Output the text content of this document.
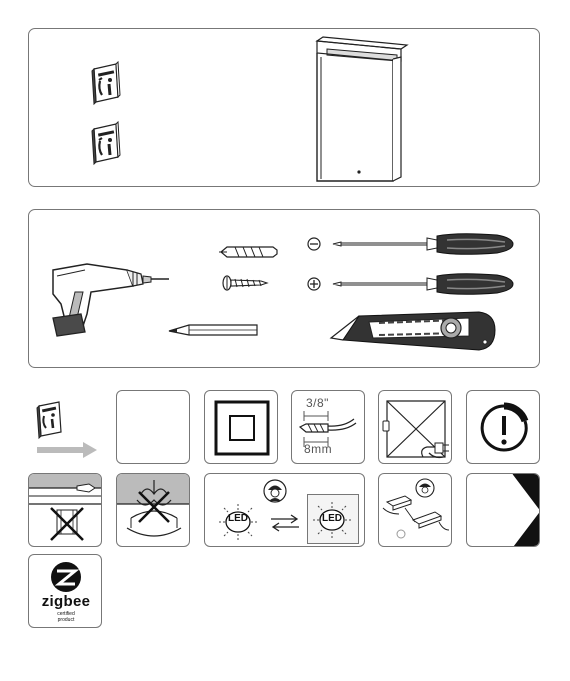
3/8"
8mm
LED	LED
zigbee
certified
product
